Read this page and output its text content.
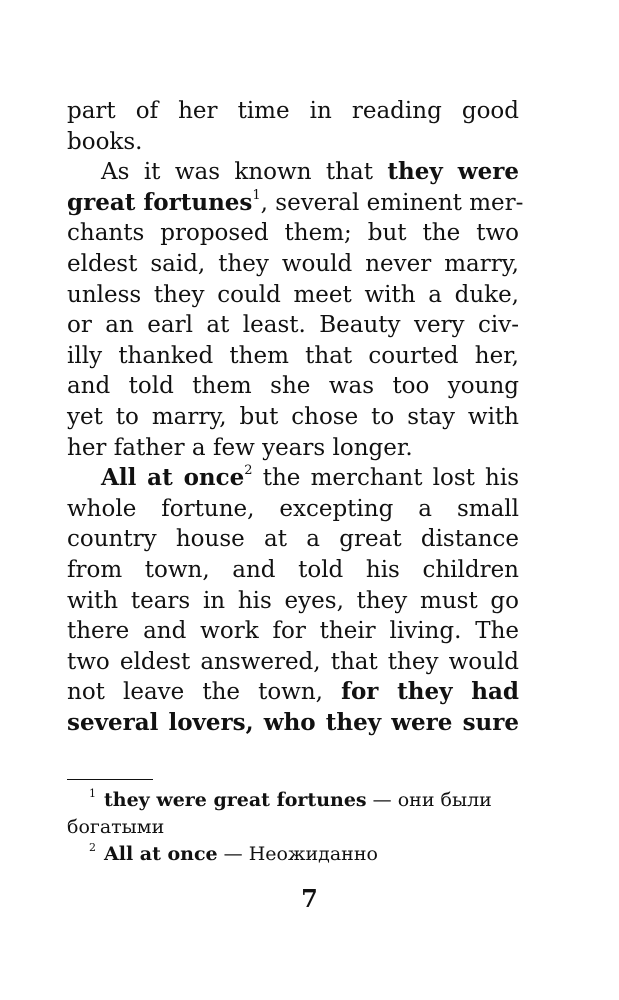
part of her time in reading good
books.
As it was known that they were
great fortunes$^1$, several eminent mer-
chants proposed them; but the two
eldest said, they would never marry,
unless they could meet with a duke,
or an earl at least. Beauty very civ-
illy thanked them that courted her,
and told them she was too young
yet to marry, but chose to stay with
her father a few years longer.
All at once$^2$ the merchant lost his
whole fortune, excepting a small
country house at a great distance
from town, and told his children
with tears in his eyes, they must go
there and work for their living. The
two eldest answered, that they would
not leave the town, for they had
several lovers, who they were sure
$^1$ they were great fortunes — они были
богатыми
$^2$ All at once — Неожиданно
7
